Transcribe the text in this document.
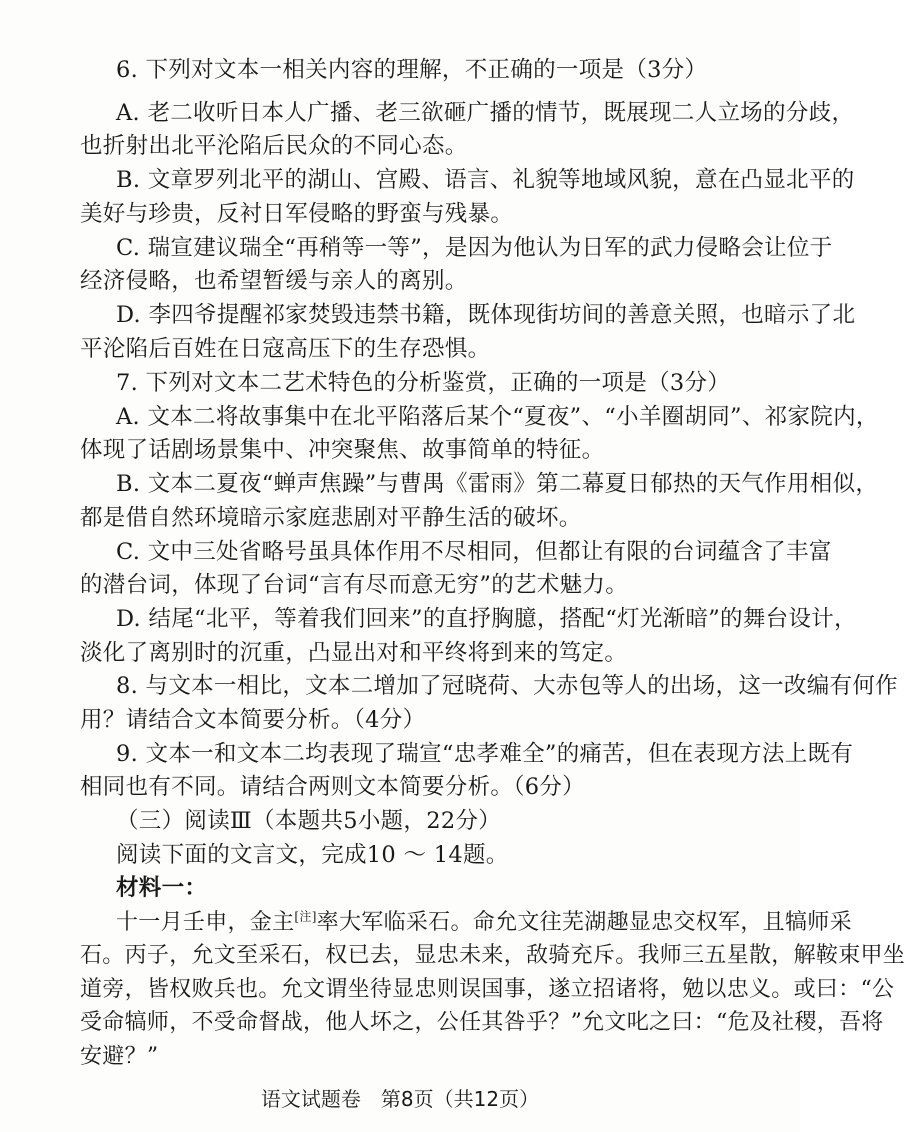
6. 下列对文本一相关内容的理解，不正确的一项是（3分）
A. 老二收听日本人广播、老三欲砸广播的情节，既展现二人立场的分歧，
也折射出北平沦陷后民众的不同心态。
B. 文章罗列北平的湖山、宫殿、语言、礼貌等地域风貌，意在凸显北平的
美好与珍贵，反衬日军侵略的野蛮与残暴。
C. 瑞宣建议瑞全“再稍等一等”，是因为他认为日军的武力侵略会让位于
经济侵略，也希望暂缓与亲人的离别。
D. 李四爷提醒祁家焚毁违禁书籍，既体现街坊间的善意关照，也暗示了北
平沦陷后百姓在日寇高压下的生存恐惧。
7. 下列对文本二艺术特色的分析鉴赏，正确的一项是（3分）
A. 文本二将故事集中在北平陷落后某个“夏夜”、“小羊圈胡同”、祁家院内，
体现了话剧场景集中、冲突聚焦、故事简单的特征。
B. 文本二夏夜“蝉声焦躁”与曹禺《雷雨》第二幕夏日郁热的天气作用相似，
都是借自然环境暗示家庭悲剧对平静生活的破坏。
C. 文中三处省略号虽具体作用不尽相同，但都让有限的台词蕴含了丰富
的潜台词，体现了台词“言有尽而意无穷”的艺术魅力。
D. 结尾“北平，等着我们回来”的直抒胸臆，搭配“灯光渐暗”的舞台设计，
淡化了离别时的沉重，凸显出对和平终将到来的笃定。
8. 与文本一相比，文本二增加了冠晓荷、大赤包等人的出场，这一改编有何作
用？请结合文本简要分析。（4分）
9. 文本一和文本二均表现了瑞宣“忠孝难全”的痛苦，但在表现方法上既有
相同也有不同。请结合两则文本简要分析。（6分）
（三）阅读Ⅲ（本题共5小题，22分）
阅读下面的文言文，完成10 ～ 14题。
材料一：
十一月壬申，金主[注]率大军临采石。命允文往芜湖趣显忠交权军，且犒师采
石。丙子，允文至采石，权已去，显忠未来，敌骑充斥。我师三五星散，解鞍束甲坐
道旁，皆权败兵也。允文谓坐待显忠则误国事，遂立招诸将，勉以忠义。或曰：“公
受命犒师，不受命督战，他人坏之，公任其咎乎？”允文叱之曰：“危及社稷，吾将
安避？”
语文试题卷　第8页（共12页）
